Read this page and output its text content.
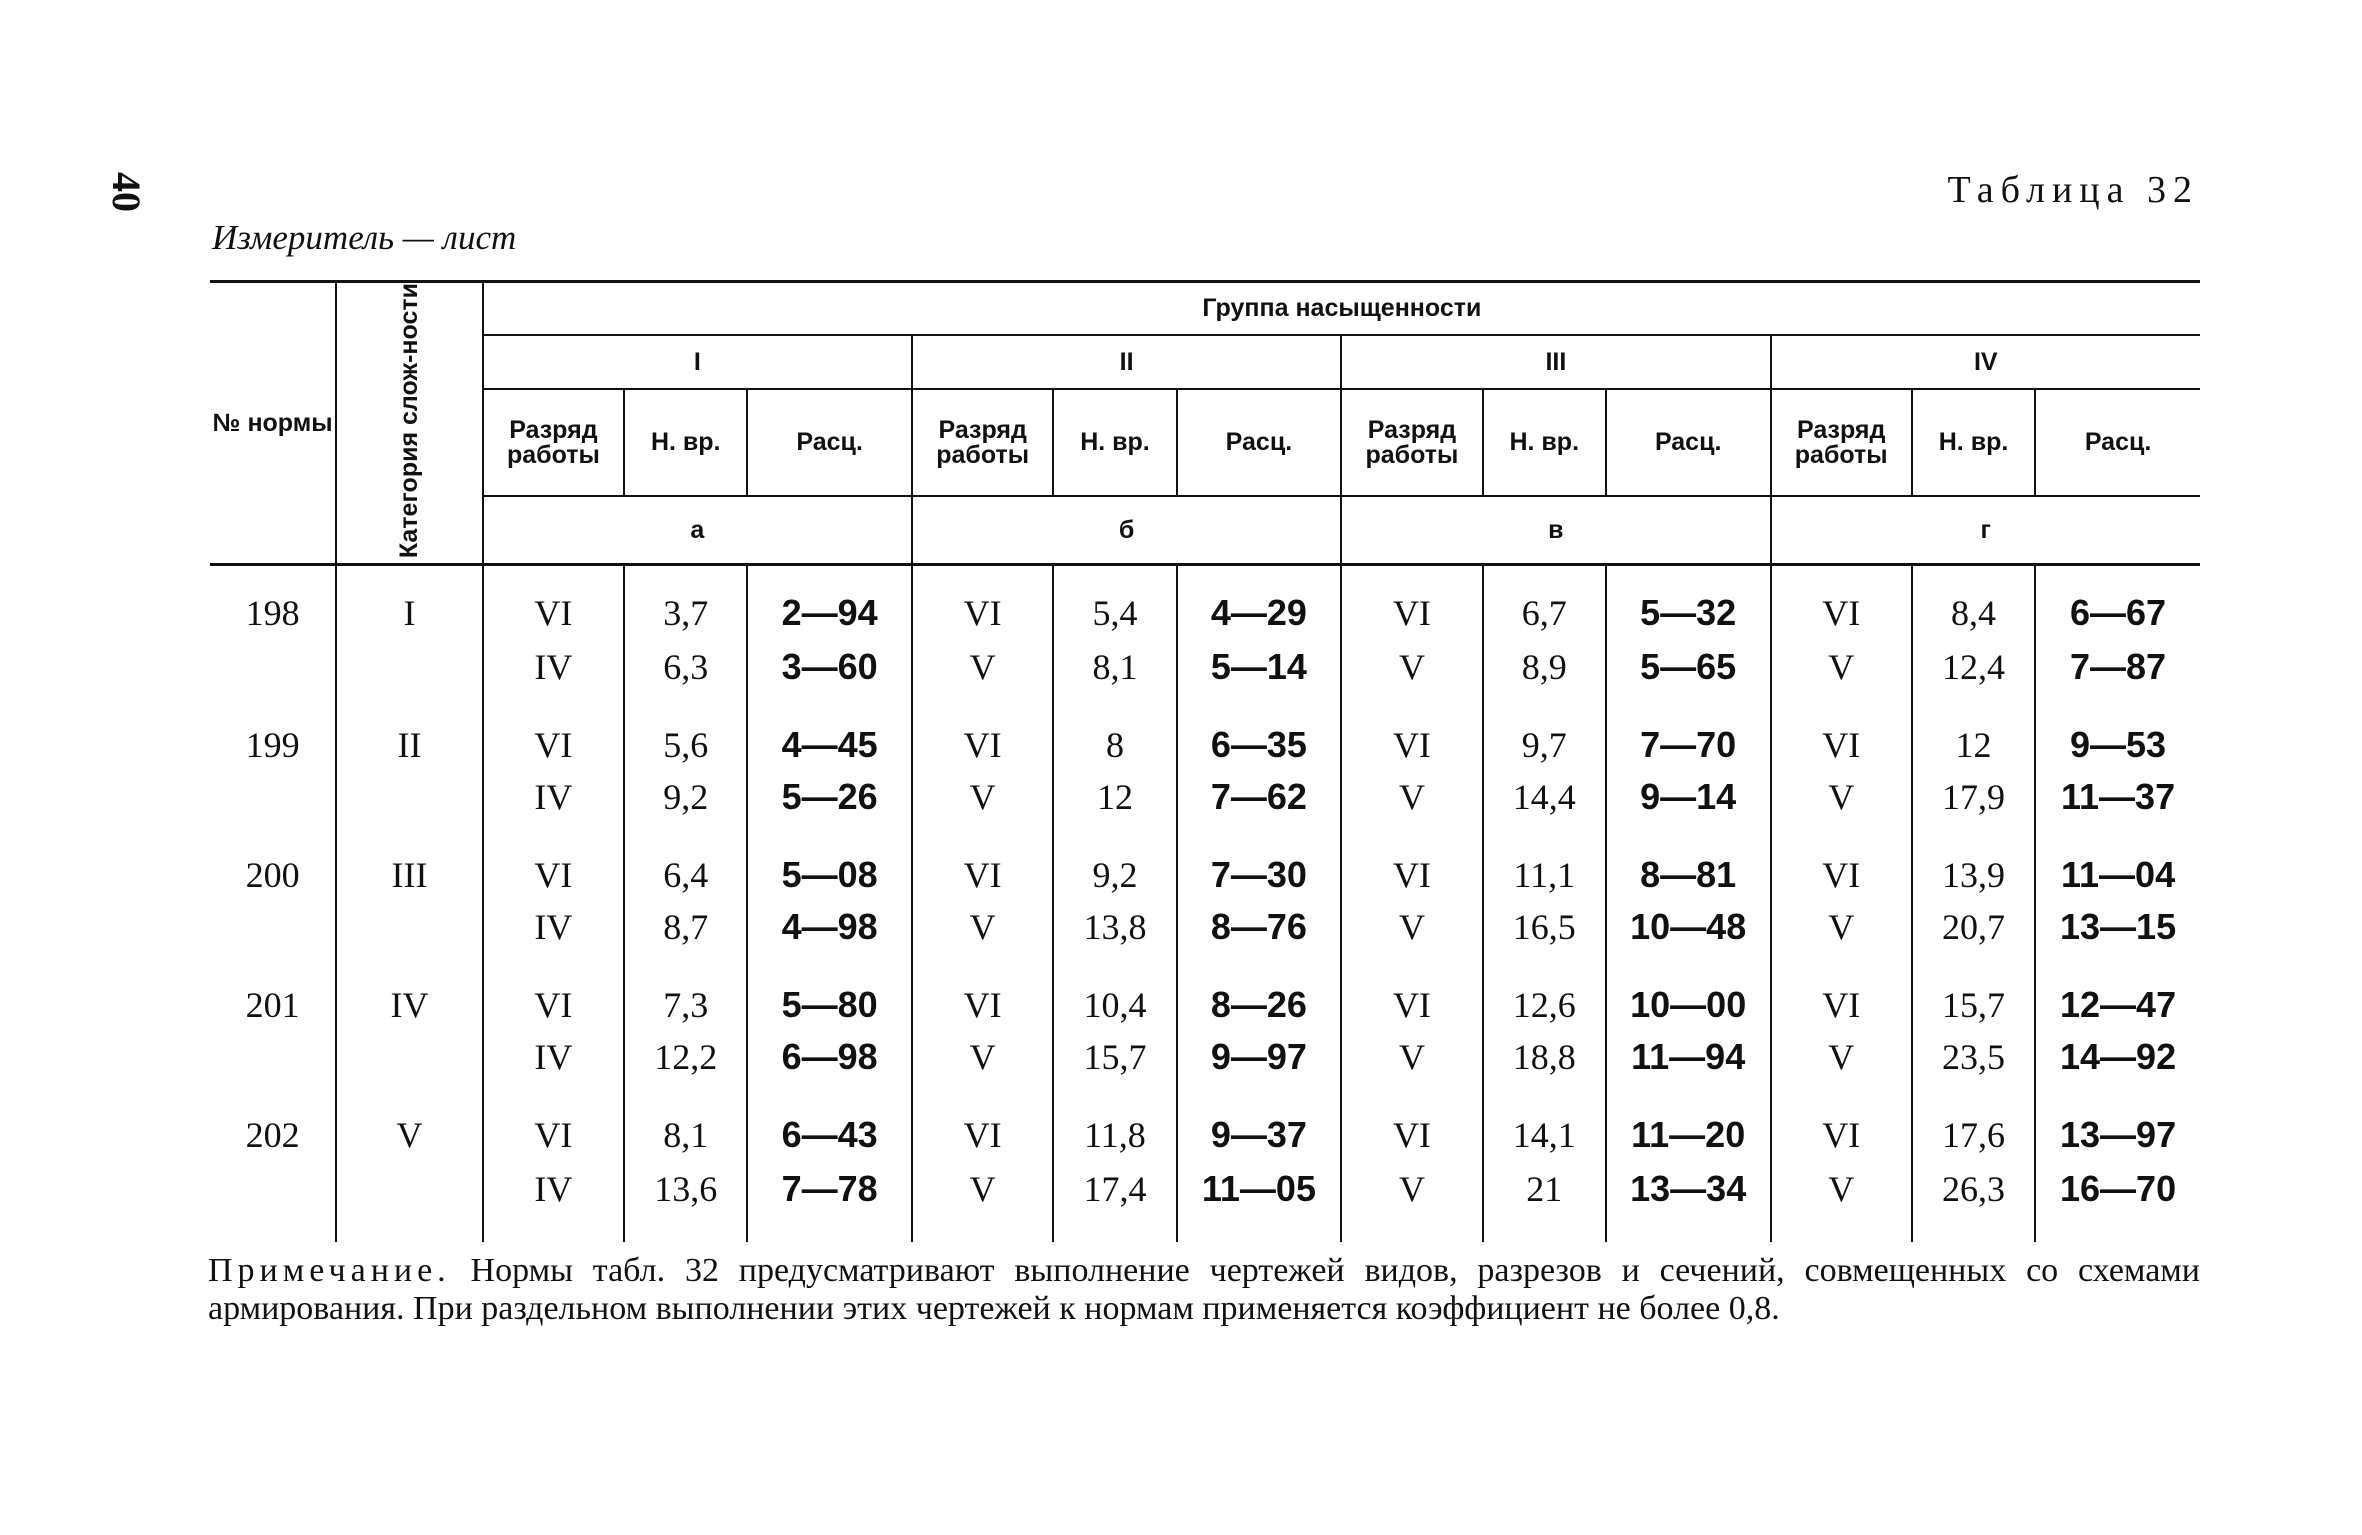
40	Таблица 32
Измеритель — лист
№ нормы	Категория слож-ности	Группа насыщенности											
		I			II			III			IV		
		Разряд работы	Н. вр.	Расц.	Разряд работы	Н. вр.	Расц.	Разряд работы	Н. вр.	Расц.	Разряд работы	Н. вр.	Расц.
		а			б			в			г		
198	I	VI	3,7	2—94	VI	5,4	4—29	VI	6,7	5—32	VI	8,4	6—67
		IV	6,3	3—60	V	8,1	5—14	V	8,9	5—65	V	12,4	7—87
199	II	VI	5,6	4—45	VI	8	6—35	VI	9,7	7—70	VI	12	9—53
		IV	9,2	5—26	V	12	7—62	V	14,4	9—14	V	17,9	11—37
200	III	VI	6,4	5—08	VI	9,2	7—30	VI	11,1	8—81	VI	13,9	11—04
		IV	8,7	4—98	V	13,8	8—76	V	16,5	10—48	V	20,7	13—15
201	IV	VI	7,3	5—80	VI	10,4	8—26	VI	12,6	10—00	VI	15,7	12—47
		IV	12,2	6—98	V	15,7	9—97	V	18,8	11—94	V	23,5	14—92
202	V	VI	8,1	6—43	VI	11,8	9—37	VI	14,1	11—20	VI	17,6	13—97
		IV	13,6	7—78	V	17,4	11—05	V	21	13—34	V	26,3	16—70
Примечание. Нормы табл. 32 предусматривают выполнение чертежей видов, разрезов и сечений, совмещенных со схемами армирования. При раздельном выполнении этих чертежей к нормам применяется коэффициент не более 0,8.
